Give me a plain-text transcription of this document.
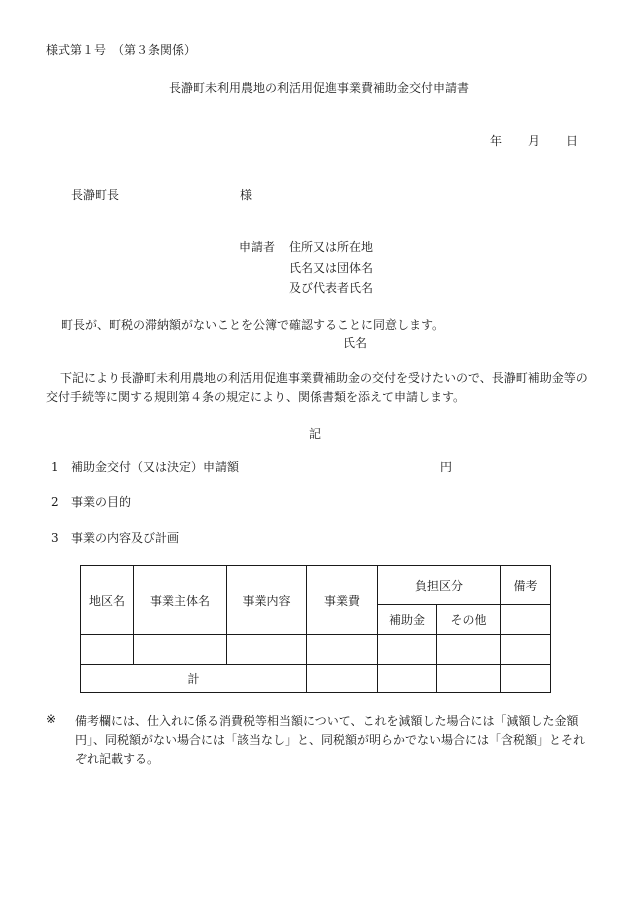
様式第１号　（第３条関係）
長瀞町未利用農地の利活用促進事業費補助金交付申請書
年 月 日
長瀞町長	様
申請者 住所又は所在地
氏名又は団体名
及び代表者氏名
町長が、町税の滞納額がないことを公簿で確認することに同意します。
氏名
下記により長瀞町未利用農地の利活用促進事業費補助金の交付を受けたいので、長瀞町補助金等の交付手続等に関する規則第４条の規定により、関係書類を添えて申請します。
記
1 補助金交付（又は決定）申請額	円
2 事業の目的
3 事業の内容及び計画
地区名	事業主体名	事業内容	事業費	負担区分		備考
				補助金	その他	

計						
※ 備考欄には、仕入れに係る消費税等相当額について、これを減額した場合には「減額した金額　　円」、同税額がない場合には「該当なし」と、同税額が明らかでない場合には「含税額」とそれぞれ記載する。
